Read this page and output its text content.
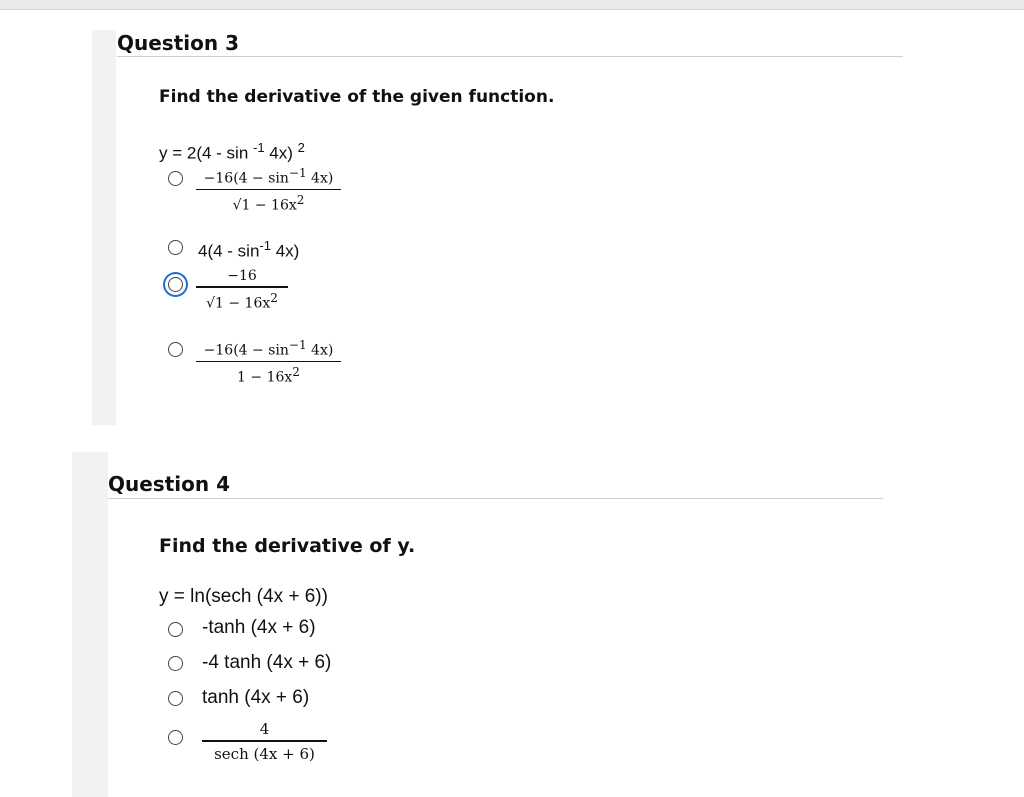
Question 3
Find the derivative of the given function.
y = 2(4 - sin $^{-1}$ 4x) $^2$
$-16(4 - \sin^{-1} 4x)$
$√1 - 16x^2$
$4(4 - \sin^{-1} 4x)$
−16
$√1 - 16x^2$
$-16(4 - \sin^{-1} 4x)$
$1 - 16x^2$
Question 4
Find the derivative of y.
y = ln(sech (4x + 6))
-tanh (4x + 6)
-4 tanh (4x + 6)
tanh (4x + 6)
4
sech (4x + 6)
